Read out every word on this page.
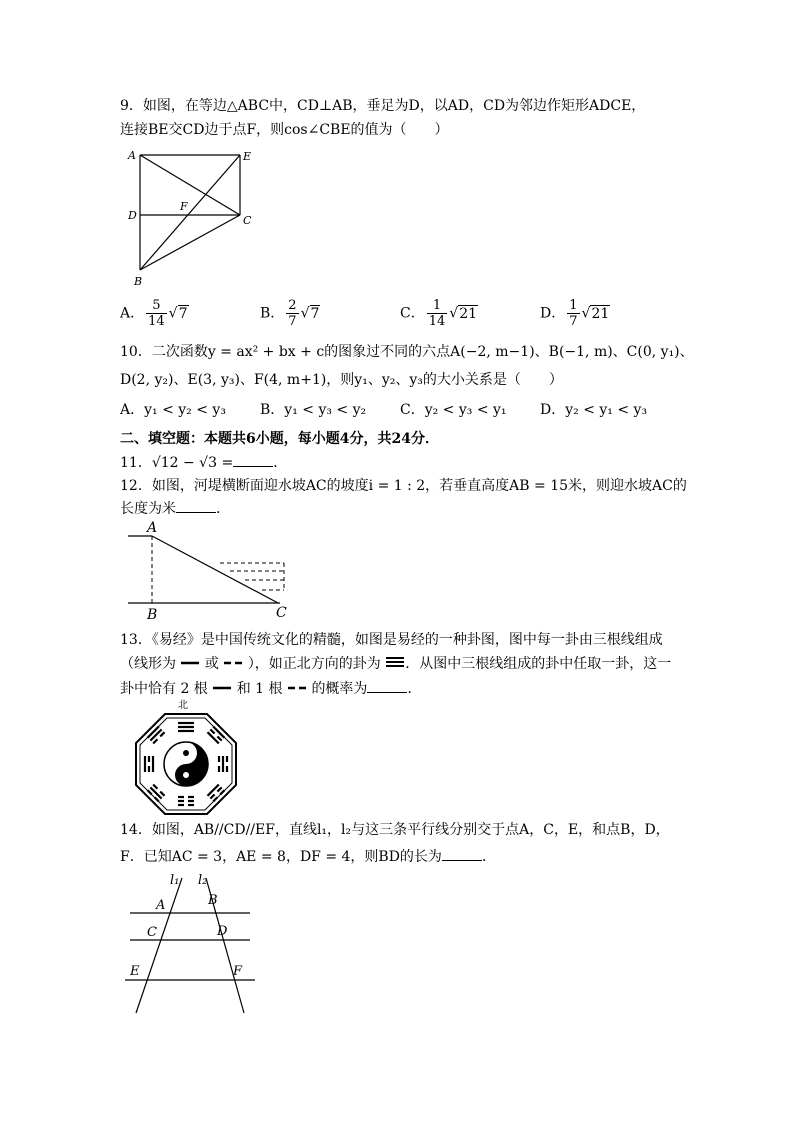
9．如图，在等边△ABC中，CD⊥AB，垂足为D，以AD，CD为邻边作矩形ADCE，
连接BE交CD边于点F，则cos∠CBE的值为（　　）
A	E
D
F
C
B
A． $\frac{5}{14} √7$	B． $\frac{2}{7} √7$	C． $\frac{1}{14} √21$	D． $\frac{1}{7} √21$
10．二次函数y = ax² + bx + c的图象过不同的六点A(−2, m−1)、B(−1, m)、C(0, y₁)、
D(2, y₂)、E(3, y₃)、F(4, m+1)，则y₁、y₂、y₃的大小关系是（　　）
A．y₁ < y₂ < y₃ B．y₁ < y₃ < y₂ C．y₂ < y₃ < y₁ D．y₂ < y₁ < y₃
二、填空题：本题共6小题，每小题4分，共24分．
11．√12 − √3 =	．
12．如图，河堤横断面迎水坡AC的坡度i = 1 : 2，若垂直高度AB = 15米，则迎水坡AC的
长度为米	．
A
B	C
13．《易经》是中国传统文化的精髓，如图是易经的一种卦图，图中每一卦由三根线组成
（线形为 或 ），如正北方向的卦为 ．从图中三根线组成的卦中任取一卦，这一
卦中恰有 2 根 和 1 根 的概率为	．
北
14．如图，AB//CD//EF，直线l₁，l₂与这三条平行线分别交于点A，C，E，和点B，D，
F．已知AC = 3，AE = 8，DF = 4，则BD的长为	．
l₁ l₂
A	B
C	D
E	F
